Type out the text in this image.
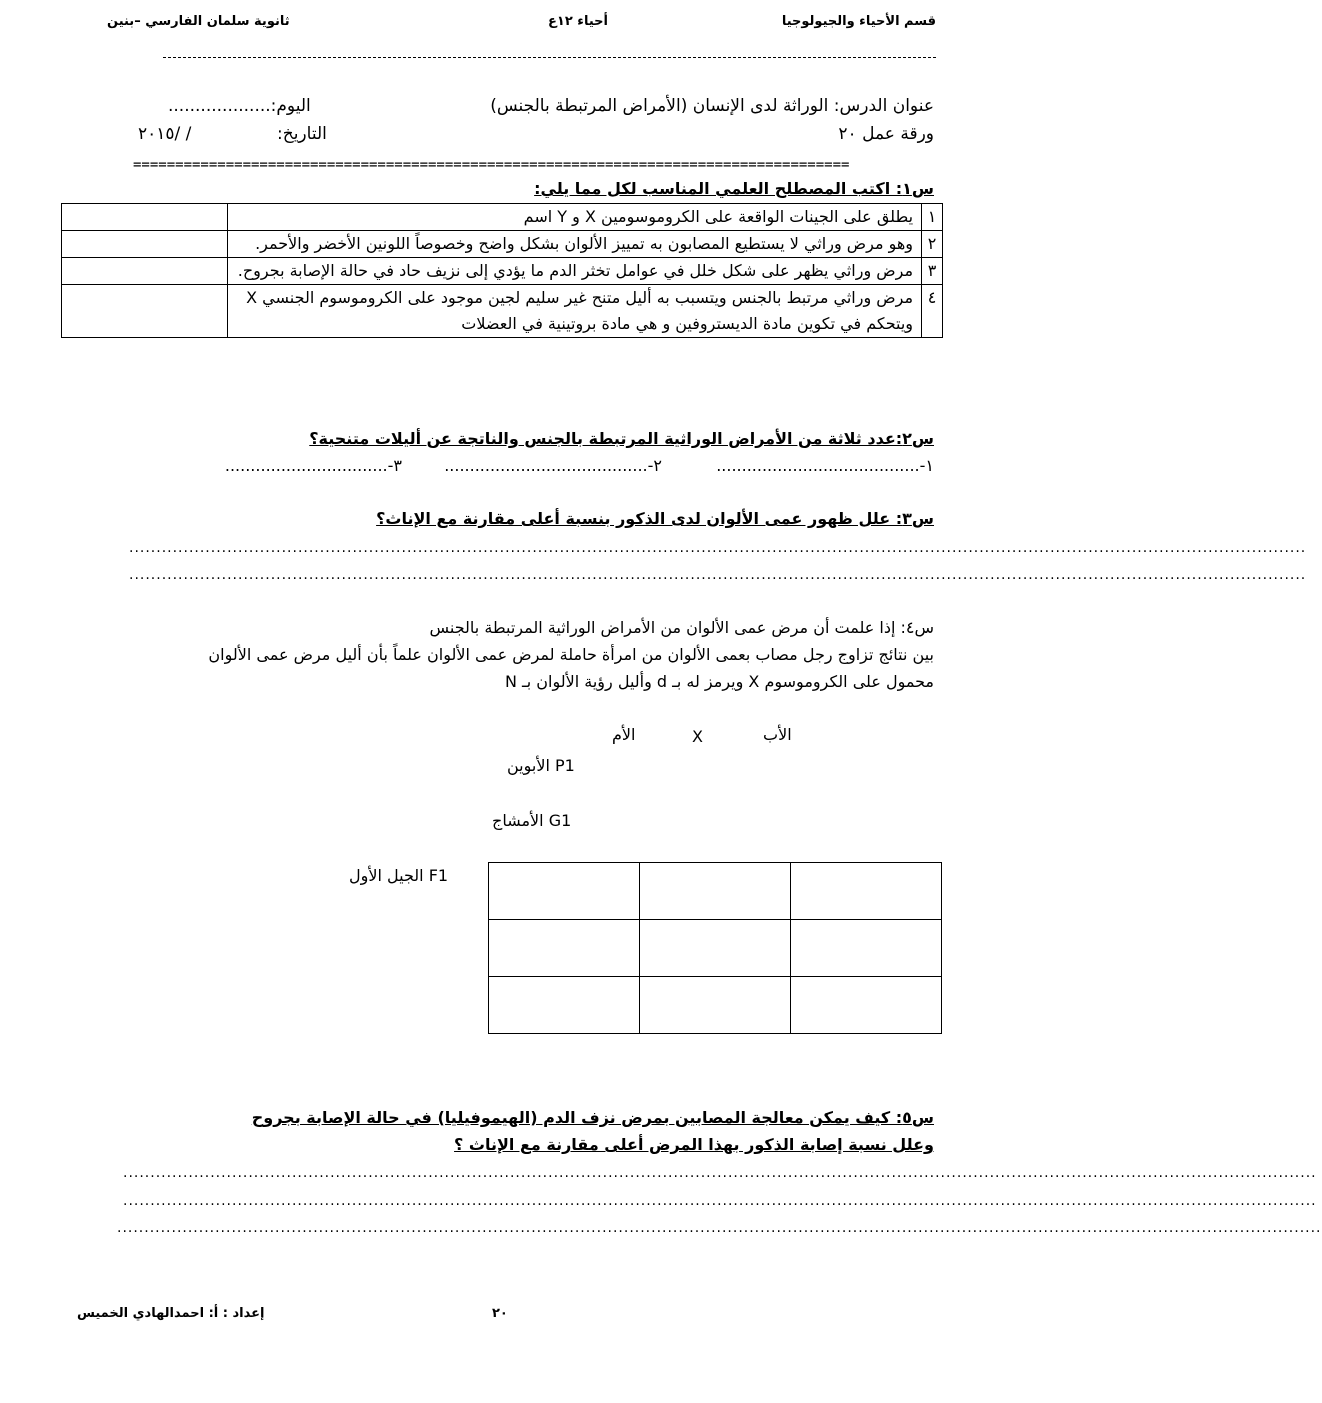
قسم الأحياء والجيولوجيا
أحياء ١٢ع
ثانوية سلمان الفارسي –بنين
عنوان الدرس: الوراثة لدى الإنسان (الأمراض المرتبطة بالجنس)
ورقة عمل ٢٠
اليوم:...................
التاريخ:
/ /٢٠١٥
=====================================================================================
س١: اكتب المصطلح العلمي المناسب لكل مما يلي:
١	يطلق على الجينات الواقعة على الكروموسومين X و Y اسم	
٢	وهو مرض وراثي لا يستطيع المصابون به تمييز الألوان بشكل واضح وخصوصاً اللونين الأخضر والأحمر.	
٣	مرض وراثي يظهر على شكل خلل في عوامل تخثر الدم ما يؤدي إلى نزيف حاد في حالة الإصابة بجروح.	
٤	مرض وراثي مرتبط بالجنس ويتسبب به أليل متنح غير سليم لجين موجود على الكروموسوم الجنسي X ويتحكم في تكوين مادة الديستروفين و هي مادة بروتينية في العضلات	
س٢:عدد ثلاثة من الأمراض الوراثية المرتبطة بالجنس والناتجة عن أليلات متنحية؟
١-........................................
٢-........................................
٣-................................
س٣: علل ظهور عمى الألوان لدى الذكور بنسبة أعلى مقارنة مع الإناث؟
........................................................................................................................................................................................................................
........................................................................................................................................................................................................................
س٤: إذا علمت أن مرض عمى الألوان من الأمراض الوراثية المرتبطة بالجنس
بين نتائج تزاوج رجل مصاب بعمى الألوان من امرأة حاملة لمرض عمى الألوان علماً بأن أليل مرض عمى الألوان
محمول على الكروموسوم X ويرمز له بـ d وأليل رؤية الألوان بـ N
الأب
X
الأم
P1 الأبوين
G1 الأمشاج
F1 الجيل الأول

س٥: كيف يمكن معالجة المصابين بمرض نزف الدم (الهيموفيليا) في حالة الإصابة بجروح
وعلل نسبة إصابة الذكور بهذا المرض أعلى مقارنة مع الإناث ؟
...........................................................................................................................................................................................................................
...........................................................................................................................................................................................................................
.............................................................................................................................................................................................................................
٢٠
إعداد : أ: احمدالهادي الخميس
